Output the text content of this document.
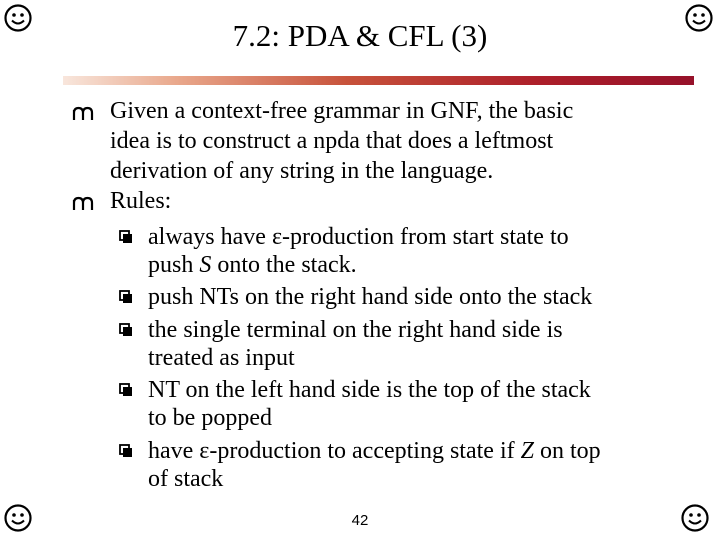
7.2: PDA & CFL (3)
Given a context-free grammar in GNF, the basic
idea is to construct a npda that does a leftmost
derivation of any string in the language.
Rules:
always have ε-production from start state to
push S onto the stack.
push NTs on the right hand side onto the stack
the single terminal on the right hand side is
treated as input
NT on the left hand side is the top of the stack
to be popped
have ε-production to accepting state if Z on top
of stack
42
